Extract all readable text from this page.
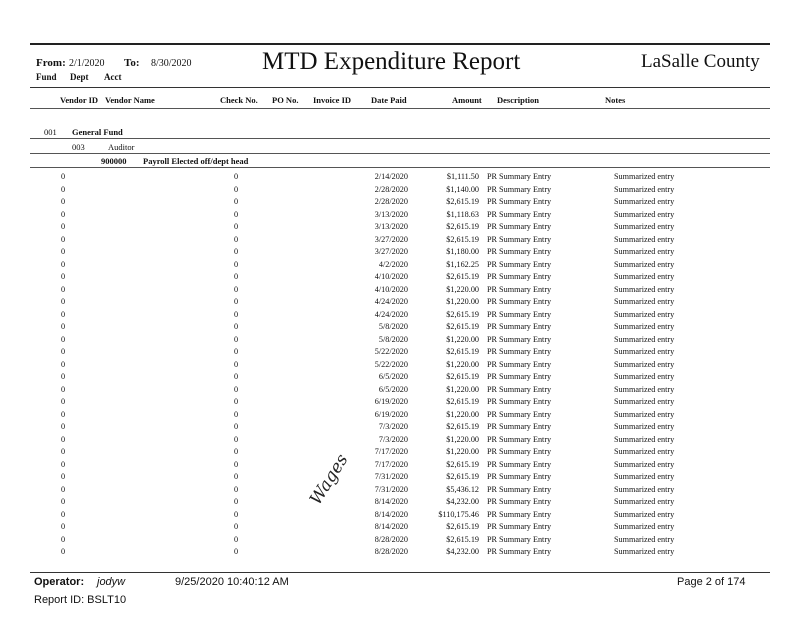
From: 2/1/2020 To: 8/30/2020	MTD Expenditure Report	LaSalle County
Fund Dept Acct
Vendor ID Vendor Name	Check No. PO No. Invoice ID Date Paid	Amount Description	Notes
001 General Fund
003	Auditor
900000 Payroll Elected off/dept head
0	0	2/14/2020	$1,111.50 PR Summary Entry	Summarized entry
0	0	2/28/2020	$1,140.00 PR Summary Entry	Summarized entry
0	0	2/28/2020	$2,615.19 PR Summary Entry	Summarized entry
0	0	3/13/2020	$1,118.63 PR Summary Entry	Summarized entry
0	0	3/13/2020	$2,615.19 PR Summary Entry	Summarized entry
0	0	3/27/2020	$2,615.19 PR Summary Entry	Summarized entry
0	0	3/27/2020	$1,180.00 PR Summary Entry	Summarized entry
0	0	4/2/2020	$1,162.25 PR Summary Entry	Summarized entry
0	0	4/10/2020	$2,615.19 PR Summary Entry	Summarized entry
0	0	4/10/2020	$1,220.00 PR Summary Entry	Summarized entry
0	0	4/24/2020	$1,220.00 PR Summary Entry	Summarized entry
0	0	4/24/2020	$2,615.19 PR Summary Entry	Summarized entry
0	0	5/8/2020	$2,615.19 PR Summary Entry	Summarized entry
0	0	5/8/2020	$1,220.00 PR Summary Entry	Summarized entry
0	0	5/22/2020	$2,615.19 PR Summary Entry	Summarized entry
0	0	5/22/2020	$1,220.00 PR Summary Entry	Summarized entry
0	0	6/5/2020	$2,615.19 PR Summary Entry	Summarized entry
0	0	6/5/2020	$1,220.00 PR Summary Entry	Summarized entry
0	0	6/19/2020	$2,615.19 PR Summary Entry	Summarized entry
0	0	6/19/2020	$1,220.00 PR Summary Entry	Summarized entry
0	0	7/3/2020	$2,615.19 PR Summary Entry	Summarized entry
0	0	7/3/2020	$1,220.00 PR Summary Entry	Summarized entry
0	0	7/17/2020	$1,220.00 PR Summary Entry	Summarized entry
0	0	7/17/2020	$2,615.19 PR Summary Entry	Summarized entry
0	0	7/31/2020	$2,615.19 PR Summary Entry	Summarized entry
0	0	7/31/2020	$5,436.12 PR Summary Entry	Summarized entry
0	0	8/14/2020	$4,232.00 PR Summary Entry	Summarized entry
0	0	8/14/2020	$110,175.46 PR Summary Entry	Summarized entry
0	0	8/14/2020	$2,615.19 PR Summary Entry	Summarized entry
0	0	8/28/2020	$2,615.19 PR Summary Entry	Summarized entry
0	0	8/28/2020	$4,232.00 PR Summary Entry	Summarized entry
Wages
Operator: jodyw	9/25/2020 10:40:12 AM	Page 2 of 174
Report ID: BSLT10
